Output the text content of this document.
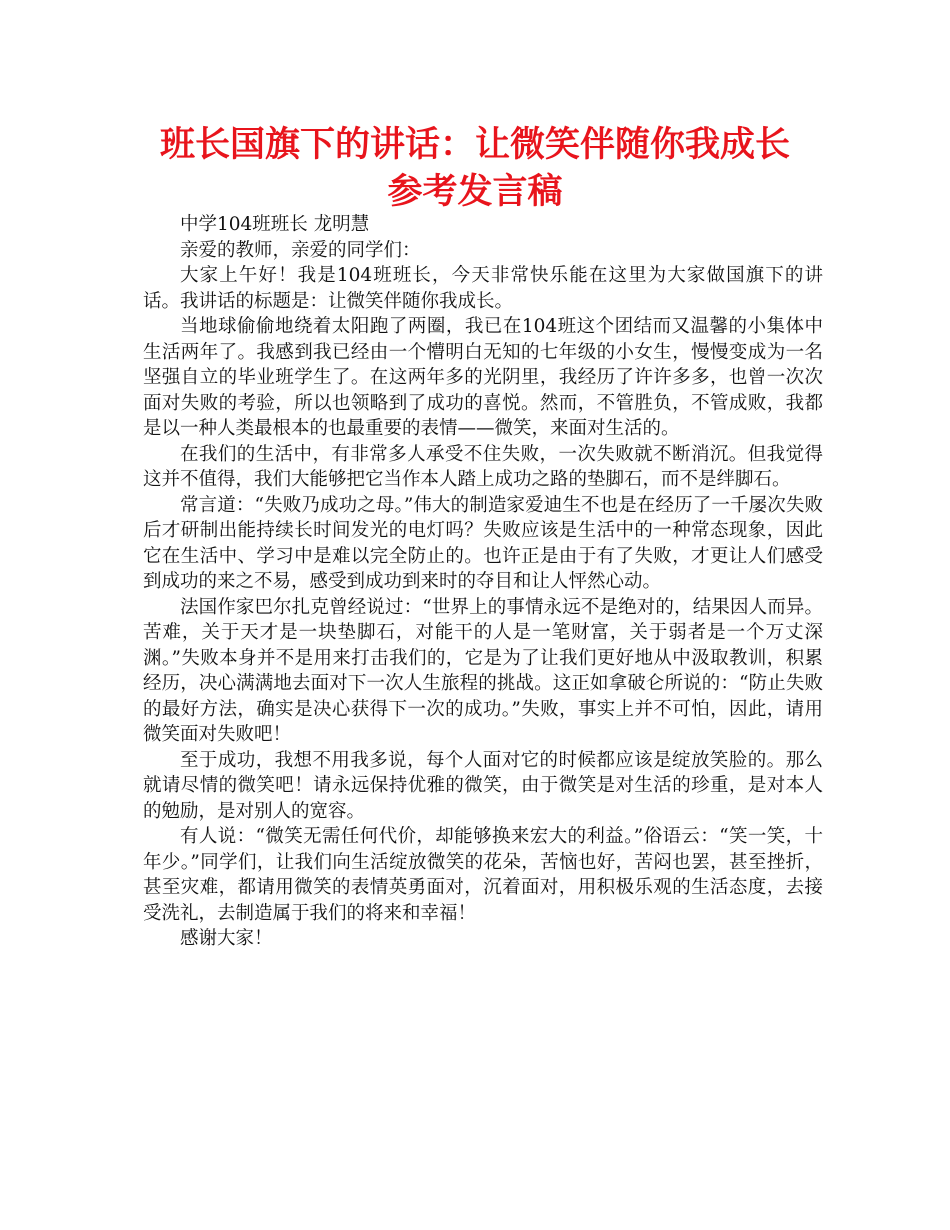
班长国旗下的讲话：让微笑伴随你我成长
参考发言稿

中学104班班长 龙明慧

亲爱的教师，亲爱的同学们：

大家上午好！我是104班班长，今天非常快乐能在这里为大家做国旗下的讲话。我讲话的标题是：让微笑伴随你我成长。

当地球偷偷地绕着太阳跑了两圈，我已在104班这个团结而又温馨的小集体中生活两年了。我感到我已经由一个懵明白无知的七年级的小女生，慢慢变成为一名坚强自立的毕业班学生了。在这两年多的光阴里，我经历了许许多多，也曾一次次面对失败的考验，所以也领略到了成功的喜悦。然而，不管胜负，不管成败，我都是以一种人类最根本的也最重要的表情——微笑，来面对生活的。

在我们的生活中，有非常多人承受不住失败，一次失败就不断消沉。但我觉得这并不值得，我们大能够把它当作本人踏上成功之路的垫脚石，而不是绊脚石。

常言道：“失败乃成功之母。”伟大的制造家爱迪生不也是在经历了一千屡次失败后才研制出能持续长时间发光的电灯吗？失败应该是生活中的一种常态现象，因此它在生活中、学习中是难以完全防止的。也许正是由于有了失败，才更让人们感受到成功的来之不易，感受到成功到来时的夺目和让人怦然心动。

法国作家巴尔扎克曾经说过：“世界上的事情永远不是绝对的，结果因人而异。苦难，关于天才是一块垫脚石，对能干的人是一笔财富，关于弱者是一个万丈深渊。”失败本身并不是用来打击我们的，它是为了让我们更好地从中汲取教训，积累经历，决心满满地去面对下一次人生旅程的挑战。这正如拿破仑所说的：“防止失败的最好方法，确实是决心获得下一次的成功。”失败，事实上并不可怕，因此，请用微笑面对失败吧！

至于成功，我想不用我多说，每个人面对它的时候都应该是绽放笑脸的。那么就请尽情的微笑吧！请永远保持优雅的微笑，由于微笑是对生活的珍重，是对本人的勉励，是对别人的宽容。

有人说：“微笑无需任何代价，却能够换来宏大的利益。”俗语云：“笑一笑，十年少。”同学们，让我们向生活绽放微笑的花朵，苦恼也好，苦闷也罢，甚至挫折，甚至灾难，都请用微笑的表情英勇面对，沉着面对，用积极乐观的生活态度，去接受洗礼，去制造属于我们的将来和幸福！

感谢大家！
